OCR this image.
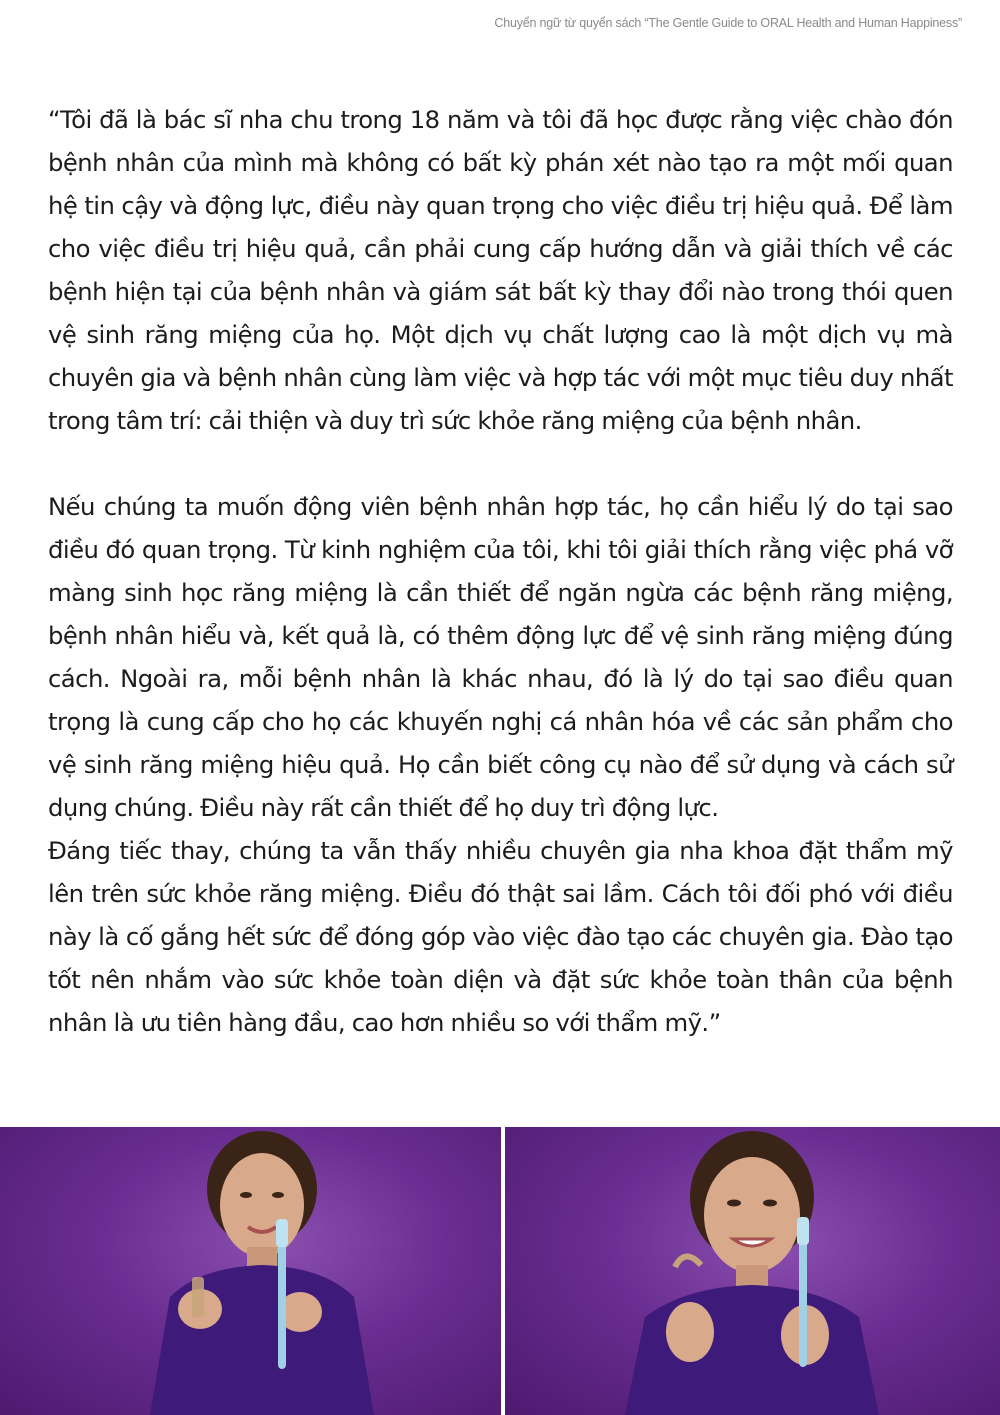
Chuyển ngữ từ quyển sách “The Gentle Guide to ORAL Health and Human Happiness”

“Tôi đã là bác sĩ nha chu trong 18 năm và tôi đã học được rằng việc chào đón bệnh nhân của mình mà không có bất kỳ phán xét nào tạo ra một mối quan hệ tin cậy và động lực, điều này quan trọng cho việc điều trị hiệu quả. Để làm cho việc điều trị hiệu quả, cần phải cung cấp hướng dẫn và giải thích về các bệnh hiện tại của bệnh nhân và giám sát bất kỳ thay đổi nào trong thói quen vệ sinh răng miệng của họ. Một dịch vụ chất lượng cao là một dịch vụ mà chuyên gia và bệnh nhân cùng làm việc và hợp tác với một mục tiêu duy nhất trong tâm trí: cải thiện và duy trì sức khỏe răng miệng của bệnh nhân.

Nếu chúng ta muốn động viên bệnh nhân hợp tác, họ cần hiểu lý do tại sao điều đó quan trọng. Từ kinh nghiệm của tôi, khi tôi giải thích rằng việc phá vỡ màng sinh học răng miệng là cần thiết để ngăn ngừa các bệnh răng miệng, bệnh nhân hiểu và, kết quả là, có thêm động lực để vệ sinh răng miệng đúng cách. Ngoài ra, mỗi bệnh nhân là khác nhau, đó là lý do tại sao điều quan trọng là cung cấp cho họ các khuyến nghị cá nhân hóa về các sản phẩm cho vệ sinh răng miệng hiệu quả. Họ cần biết công cụ nào để sử dụng và cách sử dụng chúng. Điều này rất cần thiết để họ duy trì động lực.

Đáng tiếc thay, chúng ta vẫn thấy nhiều chuyên gia nha khoa đặt thẩm mỹ lên trên sức khỏe răng miệng. Điều đó thật sai lầm. Cách tôi đối phó với điều này là cố gắng hết sức để đóng góp vào việc đào tạo các chuyên gia. Đào tạo tốt nên nhắm vào sức khỏe toàn diện và đặt sức khỏe toàn thân của bệnh nhân là ưu tiên hàng đầu, cao hơn nhiều so với thẩm mỹ.”
